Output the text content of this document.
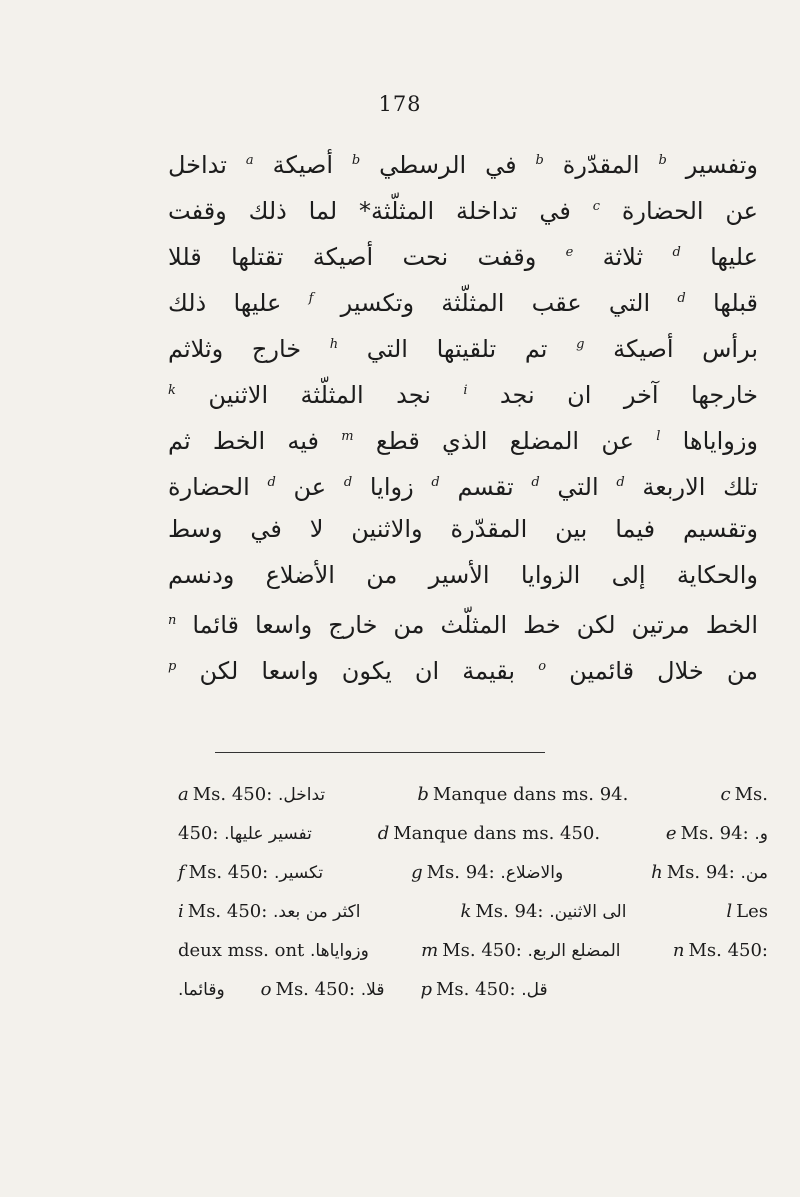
178
وتفسير $^b$ المقدّرة $^b$ في الرسطي $^b$ أصيكة $^a$ تداخل
عن الحضارة $^c$ في تداخلة المثلّثة* لما ذلك وقفت
عليها $^d$ ثلاثة $^e$ وقفت نحت أصيكة تقتلها قللا
قبلها $^d$ التي عقب المثلّثة وتكسير $^f$ عليها ذلك
برأس أصيكة $^g$ تم تلقيتها التي $^h$ خارج وثلاثم
خارجها آخر ان نجد $^i$ نجد المثلّثة الاثنين $^k$
وزواياها $^l$ عن المضلع الذي قطع $^m$ فيه الخط ثم
تلك الاربعة $^d$ التي $^d$ تقسم $^d$ زوايا $^d$ عن $^d$ الحضارة
وتقسيم فيما بين المقدّرة والاثنين لا في وسط
والحكاية إلى الزوايا الأسير من الأضلاع ودنسم
الخط مرتين لكن خط المثلّث من خارج واسعا قائما $^n$
من خلال قائمين $^o$ بقيمة ان يكون واسعا لكن $^p$
a Ms. 450: تداخل.	b Manque dans ms. 94.	c Ms.
450: تفسير عليها.	d Manque dans ms. 450.	e Ms. 94: و.
f Ms. 450: تكسير.	g Ms. 94: والاضلاع.	h Ms. 94: من.
i Ms. 450: اكثر من بعد.	k Ms. 94: الى الاثنين.	l Les
deux mss. ont وزواياها.	m Ms. 450: المضلع الربع.	n Ms. 450:
وقائما. o Ms. 450: قلا. p Ms. 450: قل.
